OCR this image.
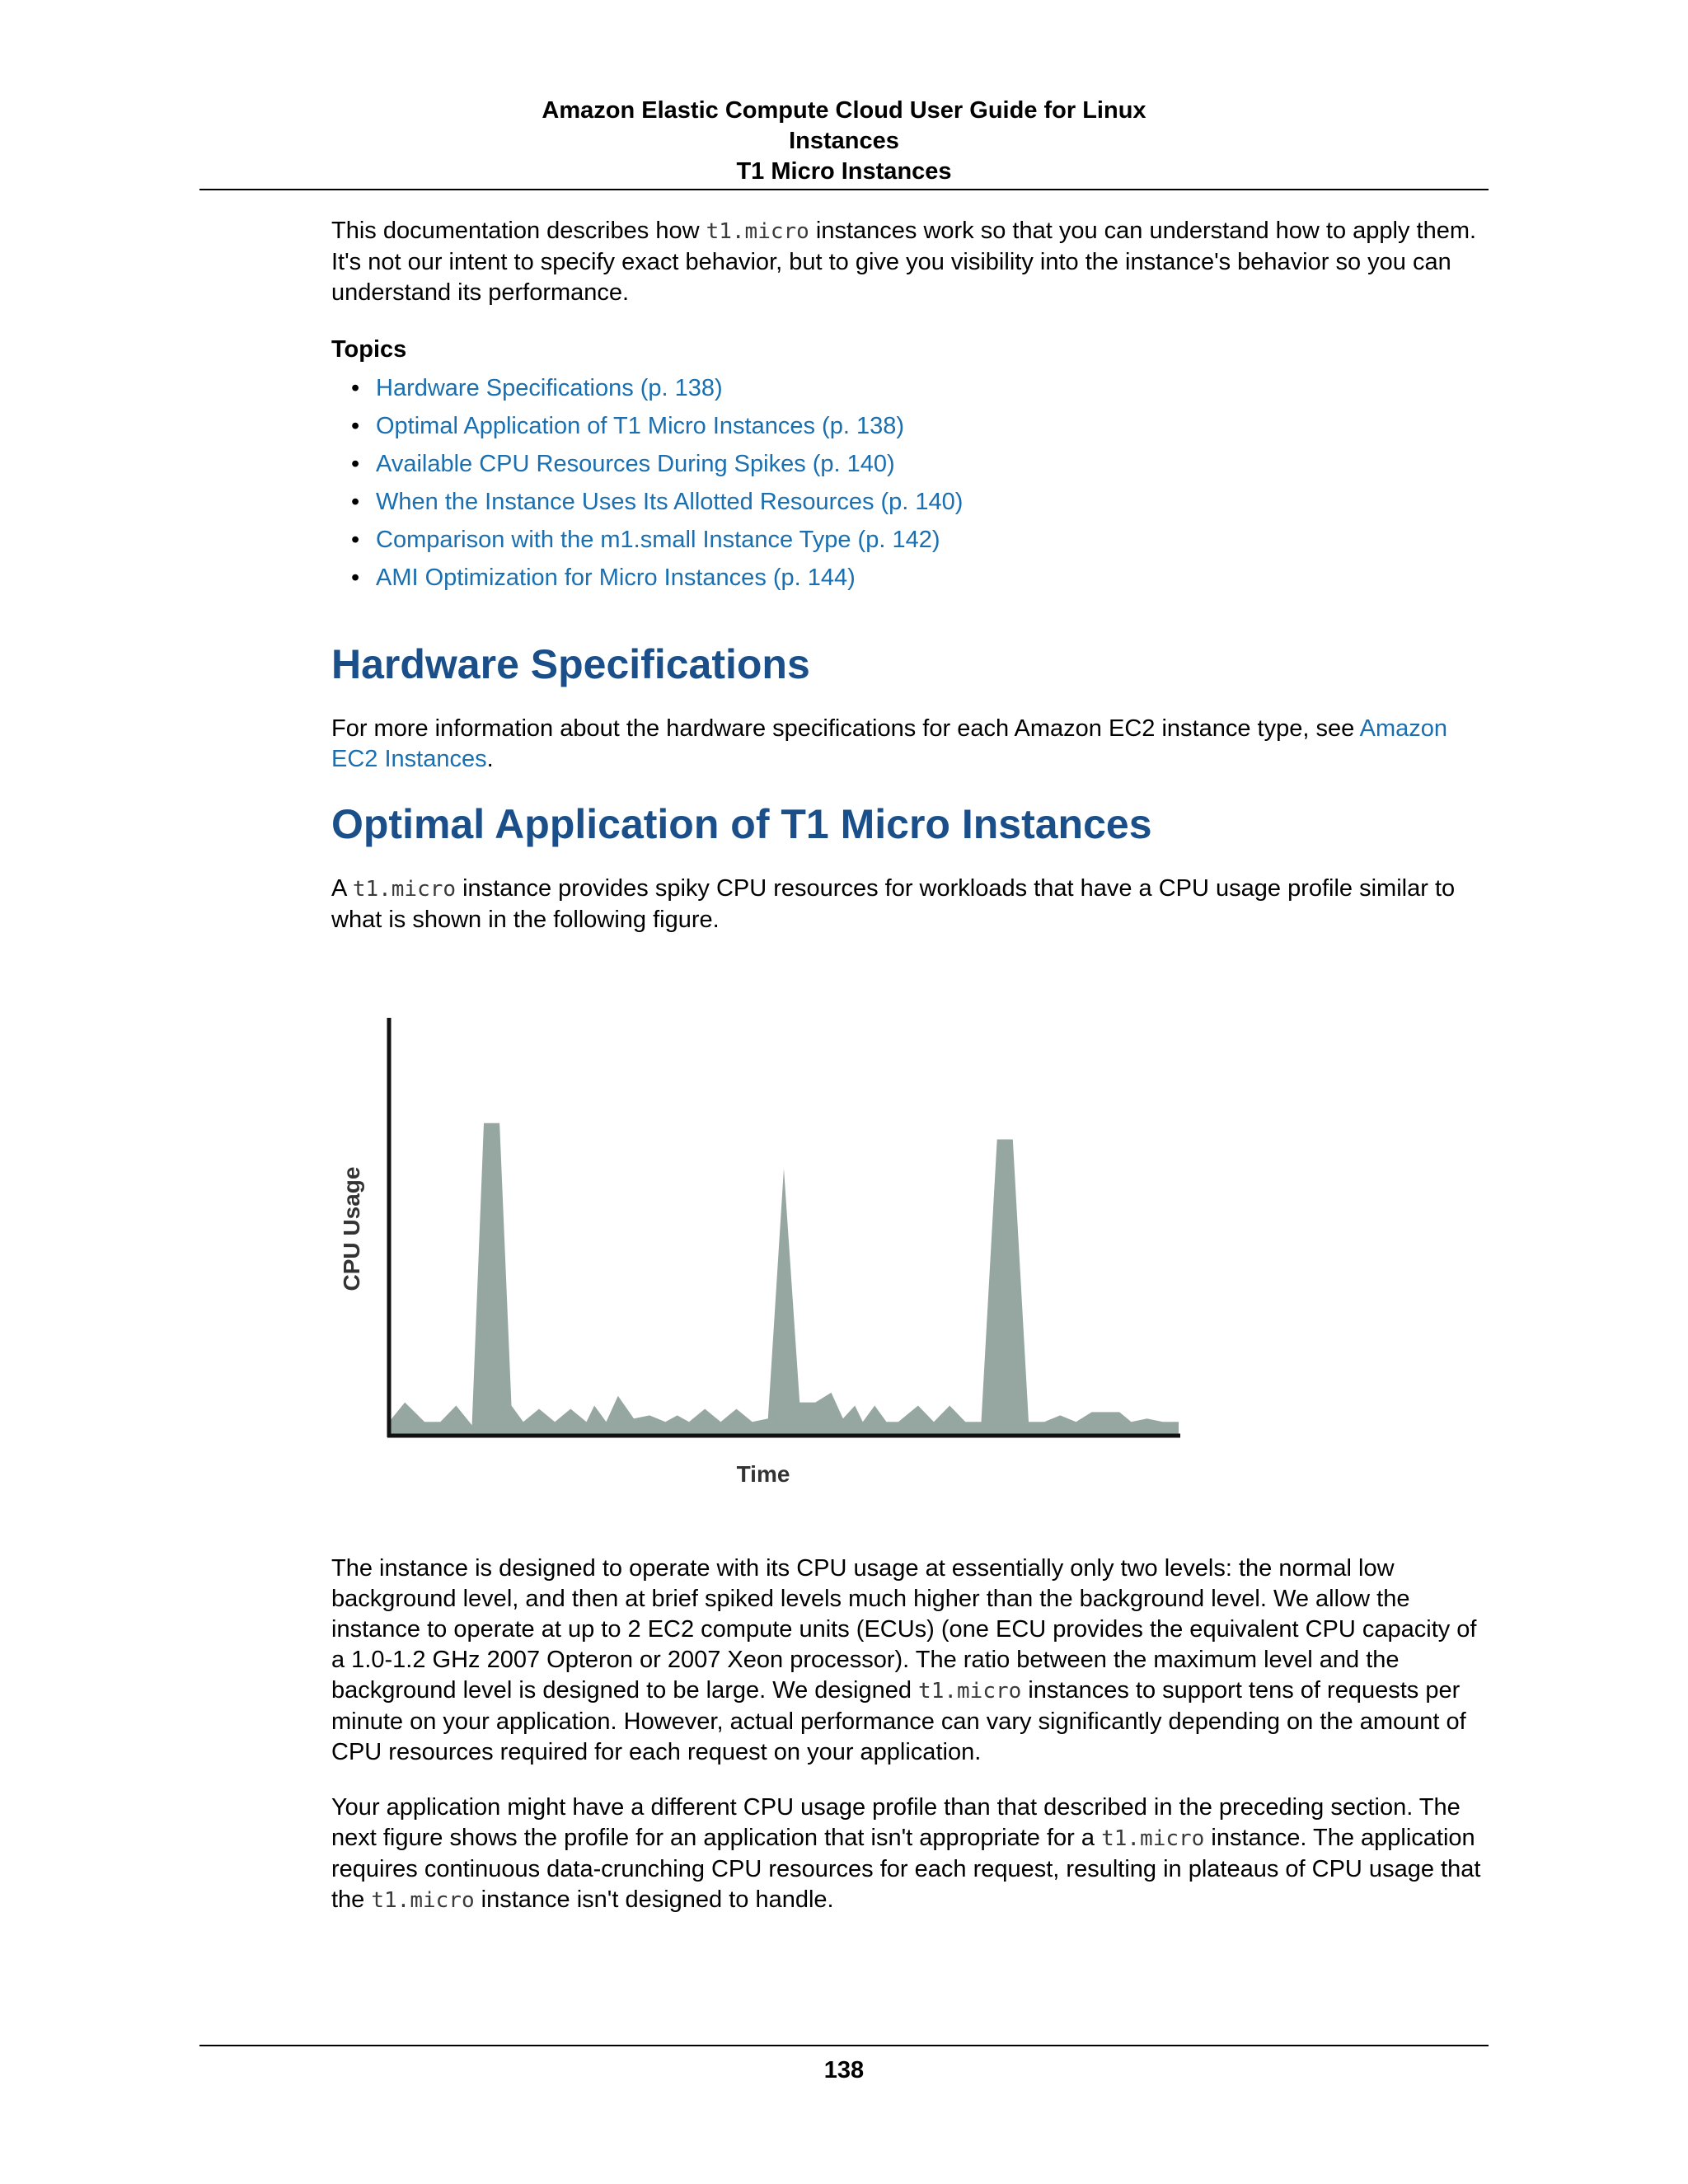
Amazon Elastic Compute Cloud User Guide for Linux
Instances
T1 Micro Instances

This documentation describes how t1.micro instances work so that you can understand how to apply them. It's not our intent to specify exact behavior, but to give you visibility into the instance's behavior so you can understand its performance.

Topics
• Hardware Specifications (p. 138)
• Optimal Application of T1 Micro Instances (p. 138)
• Available CPU Resources During Spikes (p. 140)
• When the Instance Uses Its Allotted Resources (p. 140)
• Comparison with the m1.small Instance Type (p. 142)
• AMI Optimization for Micro Instances (p. 144)
Hardware Specifications

For more information about the hardware specifications for each Amazon EC2 instance type, see Amazon EC2 Instances.

Optimal Application of T1 Micro Instances

A t1.micro instance provides spiky CPU resources for workloads that have a CPU usage profile similar to what is shown in the following figure.

CPU Usage
Time

The instance is designed to operate with its CPU usage at essentially only two levels: the normal low background level, and then at brief spiked levels much higher than the background level. We allow the instance to operate at up to 2 EC2 compute units (ECUs) (one ECU provides the equivalent CPU capacity of a 1.0-1.2 GHz 2007 Opteron or 2007 Xeon processor). The ratio between the maximum level and the background level is designed to be large. We designed t1.micro instances to support tens of requests per minute on your application. However, actual performance can vary significantly depending on the amount of CPU resources required for each request on your application.

Your application might have a different CPU usage profile than that described in the preceding section. The next figure shows the profile for an application that isn't appropriate for a t1.micro instance. The application requires continuous data-crunching CPU resources for each request, resulting in plateaus of CPU usage that the t1.micro instance isn't designed to handle.

138
